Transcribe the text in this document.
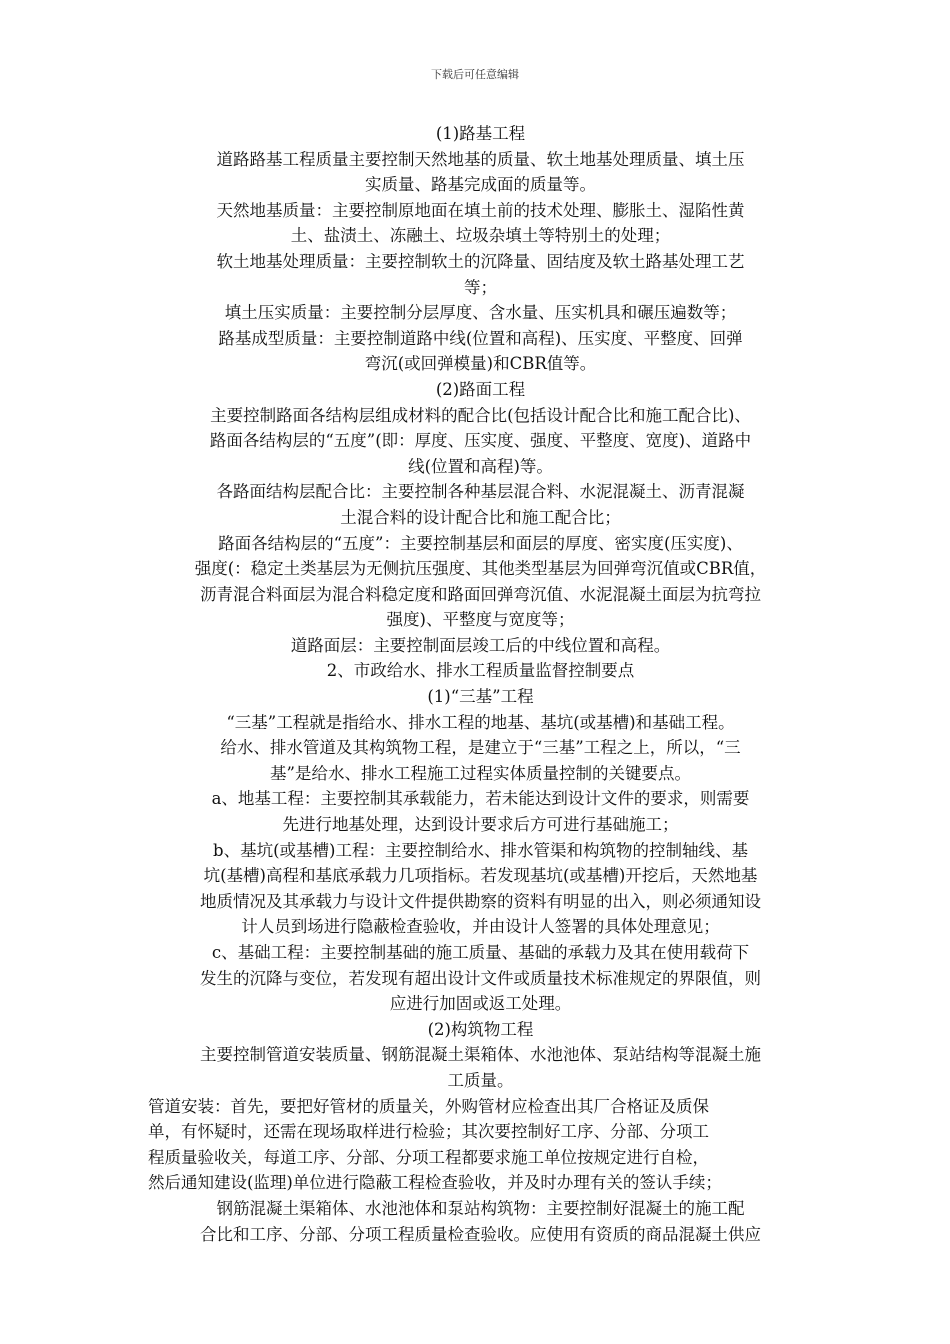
下载后可任意编辑
(1)路基工程
道路路基工程质量主要控制天然地基的质量、软土地基处理质量、填土压
实质量、路基完成面的质量等。
天然地基质量：主要控制原地面在填土前的技术处理、膨胀土、湿陷性黄
土、盐渍土、冻融土、垃圾杂填土等特别土的处理；
软土地基处理质量：主要控制软土的沉降量、固结度及软土路基处理工艺
等；
填土压实质量：主要控制分层厚度、含水量、压实机具和碾压遍数等；
路基成型质量：主要控制道路中线(位置和高程)、压实度、平整度、回弹
弯沉(或回弹模量)和CBR值等。
(2)路面工程
主要控制路面各结构层组成材料的配合比(包括设计配合比和施工配合比)、
路面各结构层的“五度”(即：厚度、压实度、强度、平整度、宽度)、道路中
线(位置和高程)等。
各路面结构层配合比：主要控制各种基层混合料、水泥混凝土、沥青混凝
土混合料的设计配合比和施工配合比；
路面各结构层的“五度”：主要控制基层和面层的厚度、密实度(压实度)、
强度(：稳定土类基层为无侧抗压强度、其他类型基层为回弹弯沉值或CBR值，
沥青混合料面层为混合料稳定度和路面回弹弯沉值、水泥混凝土面层为抗弯拉
强度)、平整度与宽度等；
道路面层：主要控制面层竣工后的中线位置和高程。
2、市政给水、排水工程质量监督控制要点
(1)“三基”工程
“三基”工程就是指给水、排水工程的地基、基坑(或基槽)和基础工程。
给水、排水管道及其构筑物工程，是建立于“三基”工程之上，所以，“三
基”是给水、排水工程施工过程实体质量控制的关键要点。
a、地基工程：主要控制其承载能力，若未能达到设计文件的要求，则需要
先进行地基处理，达到设计要求后方可进行基础施工；
b、基坑(或基槽)工程：主要控制给水、排水管渠和构筑物的控制轴线、基
坑(基槽)高程和基底承载力几项指标。若发现基坑(或基槽)开挖后，天然地基
地质情况及其承载力与设计文件提供勘察的资料有明显的出入，则必须通知设
计人员到场进行隐蔽检查验收，并由设计人签署的具体处理意见；
c、基础工程：主要控制基础的施工质量、基础的承载力及其在使用载荷下
发生的沉降与变位，若发现有超出设计文件或质量技术标准规定的界限值，则
应进行加固或返工处理。
(2)构筑物工程
主要控制管道安装质量、钢筋混凝土渠箱体、水池池体、泵站结构等混凝土施
工质量。
管道安装：首先，要把好管材的质量关，外购管材应检查出其厂合格证及质保
单，有怀疑时，还需在现场取样进行检验；其次要控制好工序、分部、分项工
程质量验收关，每道工序、分部、分项工程都要求施工单位按规定进行自检，
然后通知建设(监理)单位进行隐蔽工程检查验收，并及时办理有关的签认手续；
钢筋混凝土渠箱体、水池池体和泵站构筑物：主要控制好混凝土的施工配
合比和工序、分部、分项工程质量检查验收。应使用有资质的商品混凝土供应
